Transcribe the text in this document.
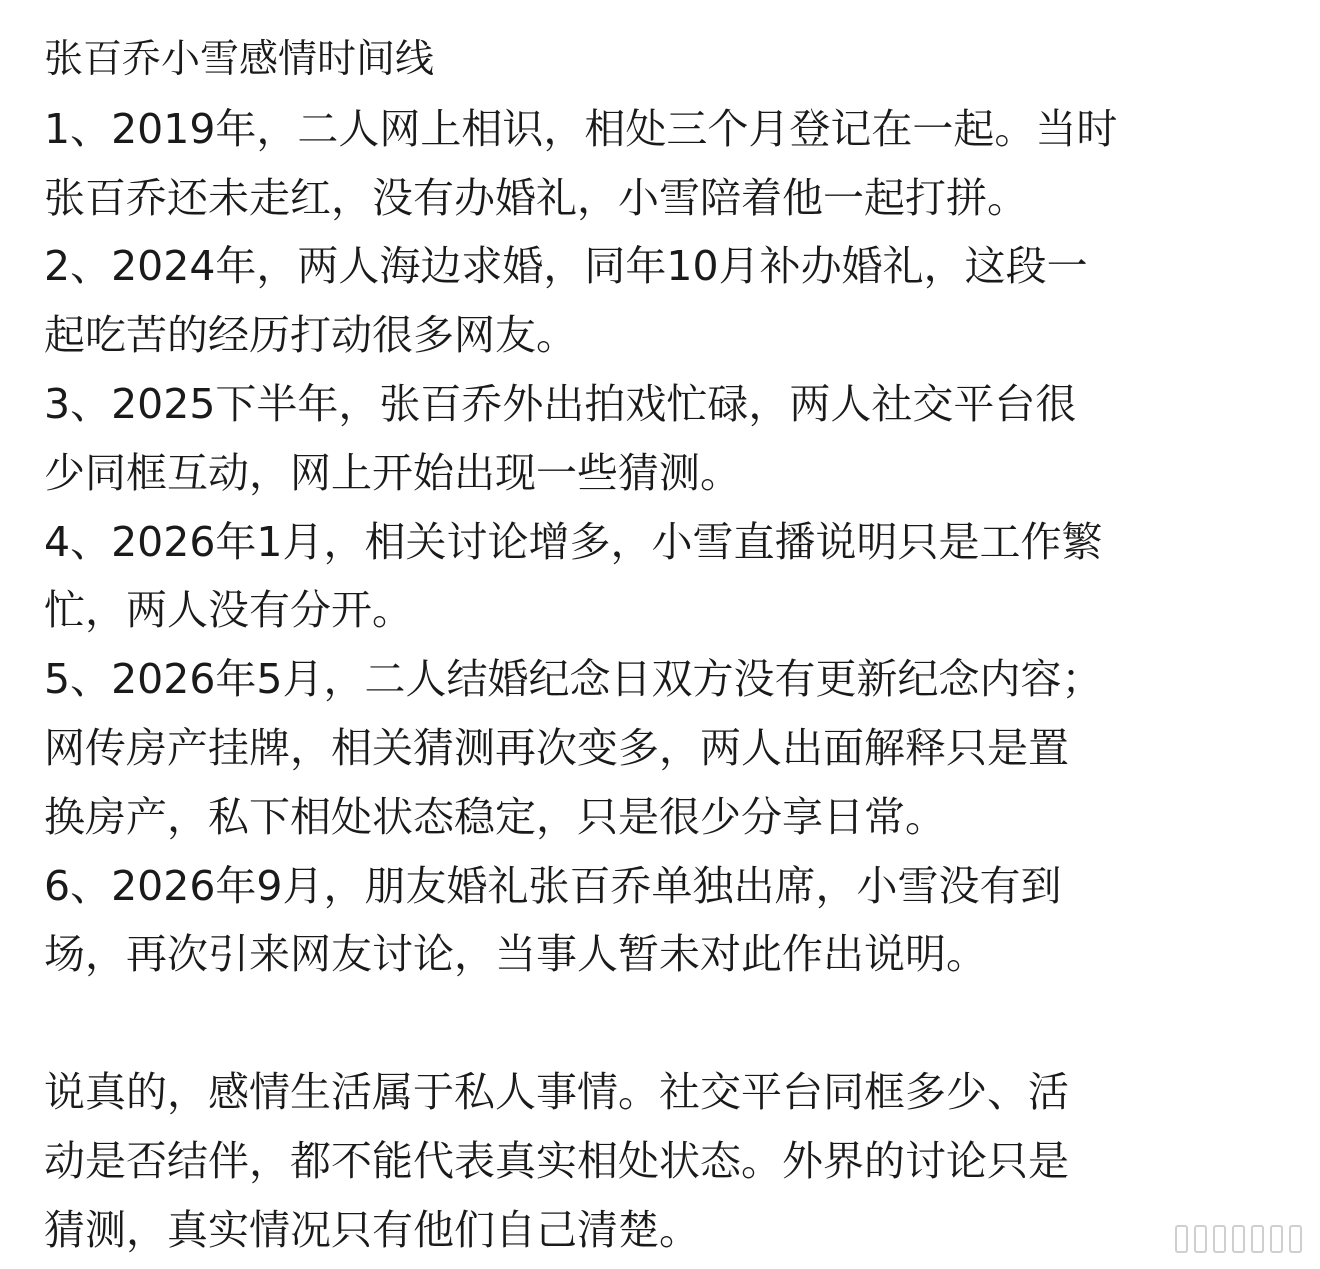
张百乔小雪感情时间线
1、2019年，二人网上相识，相处三个月登记在一起。当时
张百乔还未走红，没有办婚礼，小雪陪着他一起打拼。
2、2024年，两人海边求婚，同年10月补办婚礼，这段一
起吃苦的经历打动很多网友。
3、2025下半年，张百乔外出拍戏忙碌，两人社交平台很
少同框互动，网上开始出现一些猜测。
4、2026年1月，相关讨论增多，小雪直播说明只是工作繁
忙，两人没有分开。
5、2026年5月，二人结婚纪念日双方没有更新纪念内容；
网传房产挂牌，相关猜测再次变多，两人出面解释只是置
换房产，私下相处状态稳定，只是很少分享日常。
6、2026年9月，朋友婚礼张百乔单独出席，小雪没有到
场，再次引来网友讨论，当事人暂未对此作出说明。
说真的，感情生活属于私人事情。社交平台同框多少、活
动是否结伴，都不能代表真实相处状态。外界的讨论只是
猜测，真实情况只有他们自己清楚。
